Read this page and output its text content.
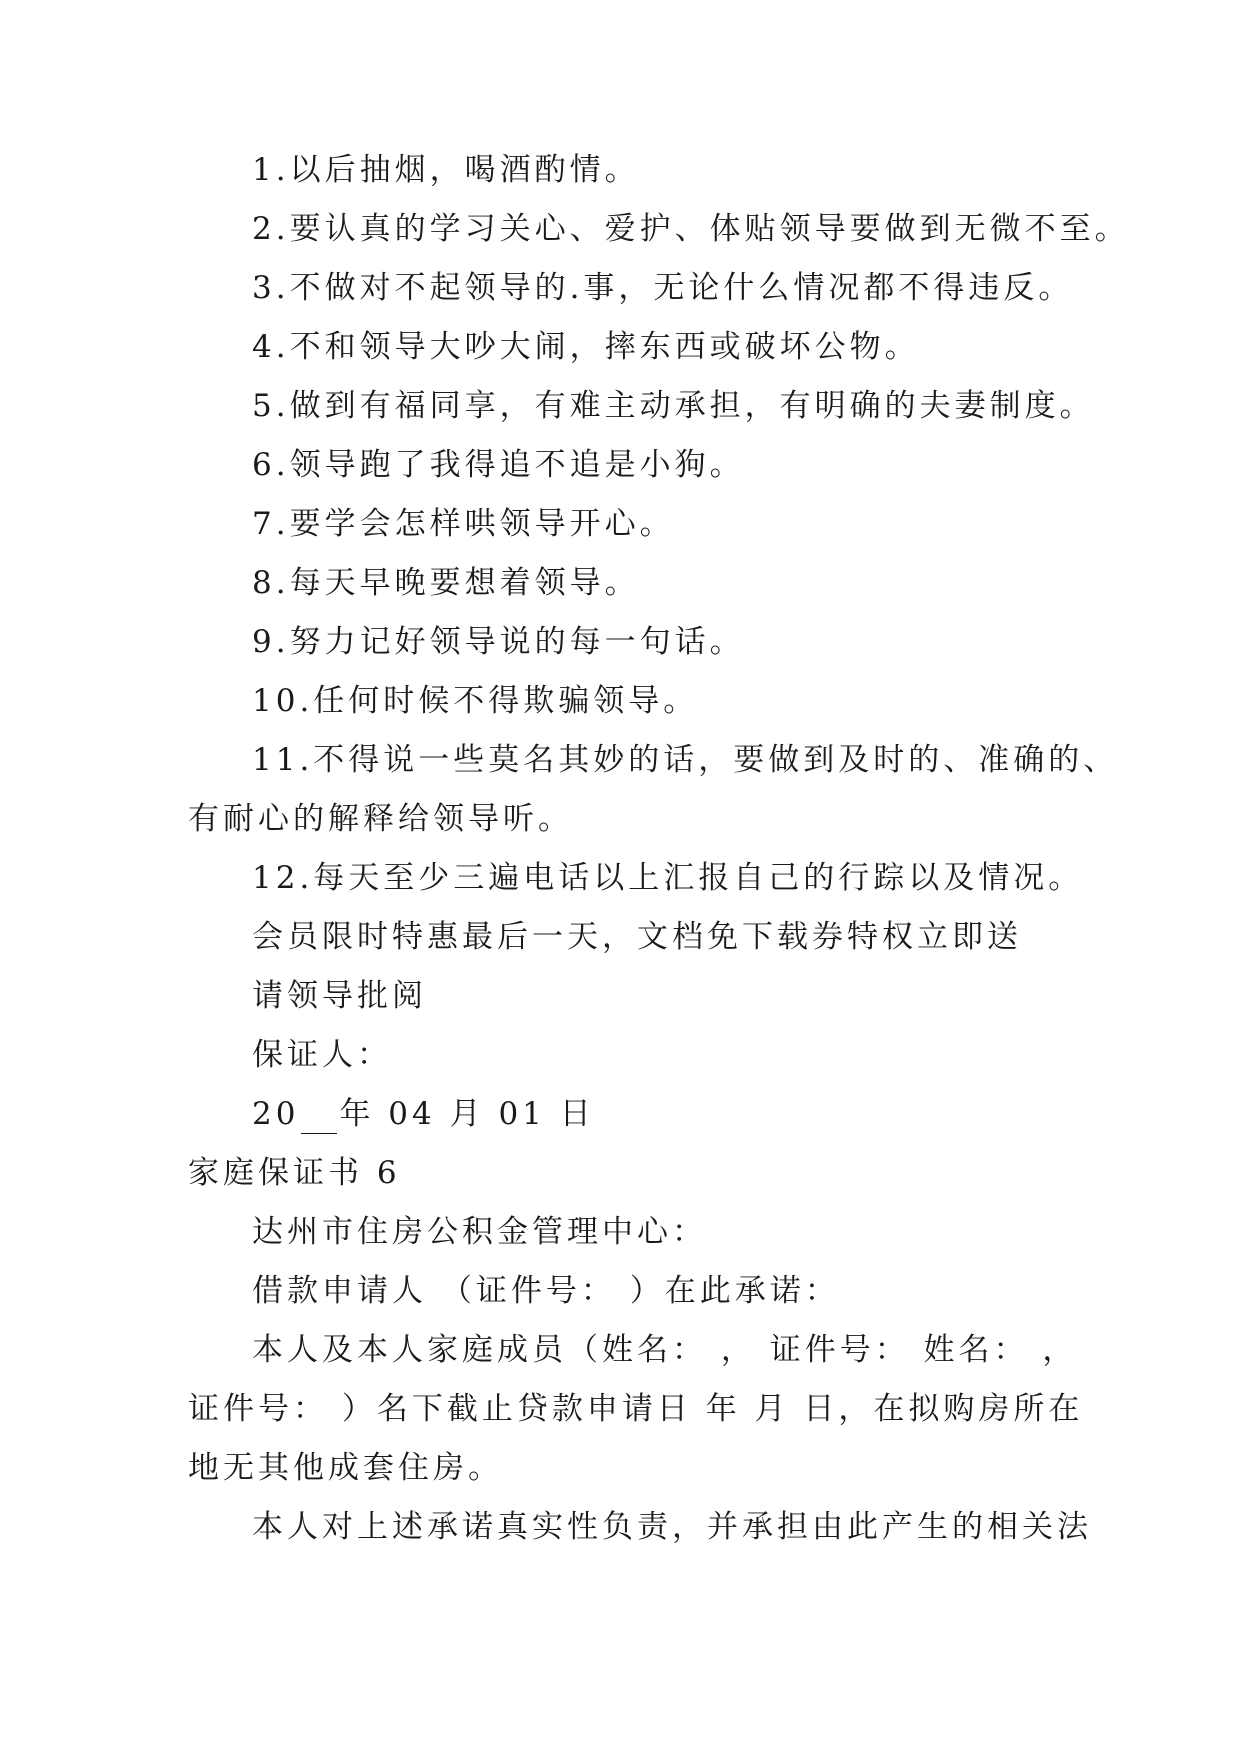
1.以后抽烟，喝酒酌情。
2.要认真的学习关心、爱护、体贴领导要做到无微不至。
3.不做对不起领导的.事，无论什么情况都不得违反。
4.不和领导大吵大闹，摔东西或破坏公物。
5.做到有福同享，有难主动承担，有明确的夫妻制度。
6.领导跑了我得追不追是小狗。
7.要学会怎样哄领导开心。
8.每天早晚要想着领导。
9.努力记好领导说的每一句话。
10.任何时候不得欺骗领导。
11.不得说一些莫名其妙的话，要做到及时的、准确的、
有耐心的解释给领导听。
12.每天至少三遍电话以上汇报自己的行踪以及情况。
会员限时特惠最后一天，文档免下载券特权立即送
请领导批阅
保证人：
20 年 04 月 01 日
家庭保证书 6
达州市住房公积金管理中心：
借款申请人 （证件号： ）在此承诺：
本人及本人家庭成员（姓名： ， 证件号： 姓名： ，
证件号： ）名下截止贷款申请日 年 月 日，在拟购房所在
地无其他成套住房。
本人对上述承诺真实性负责，并承担由此产生的相关法
